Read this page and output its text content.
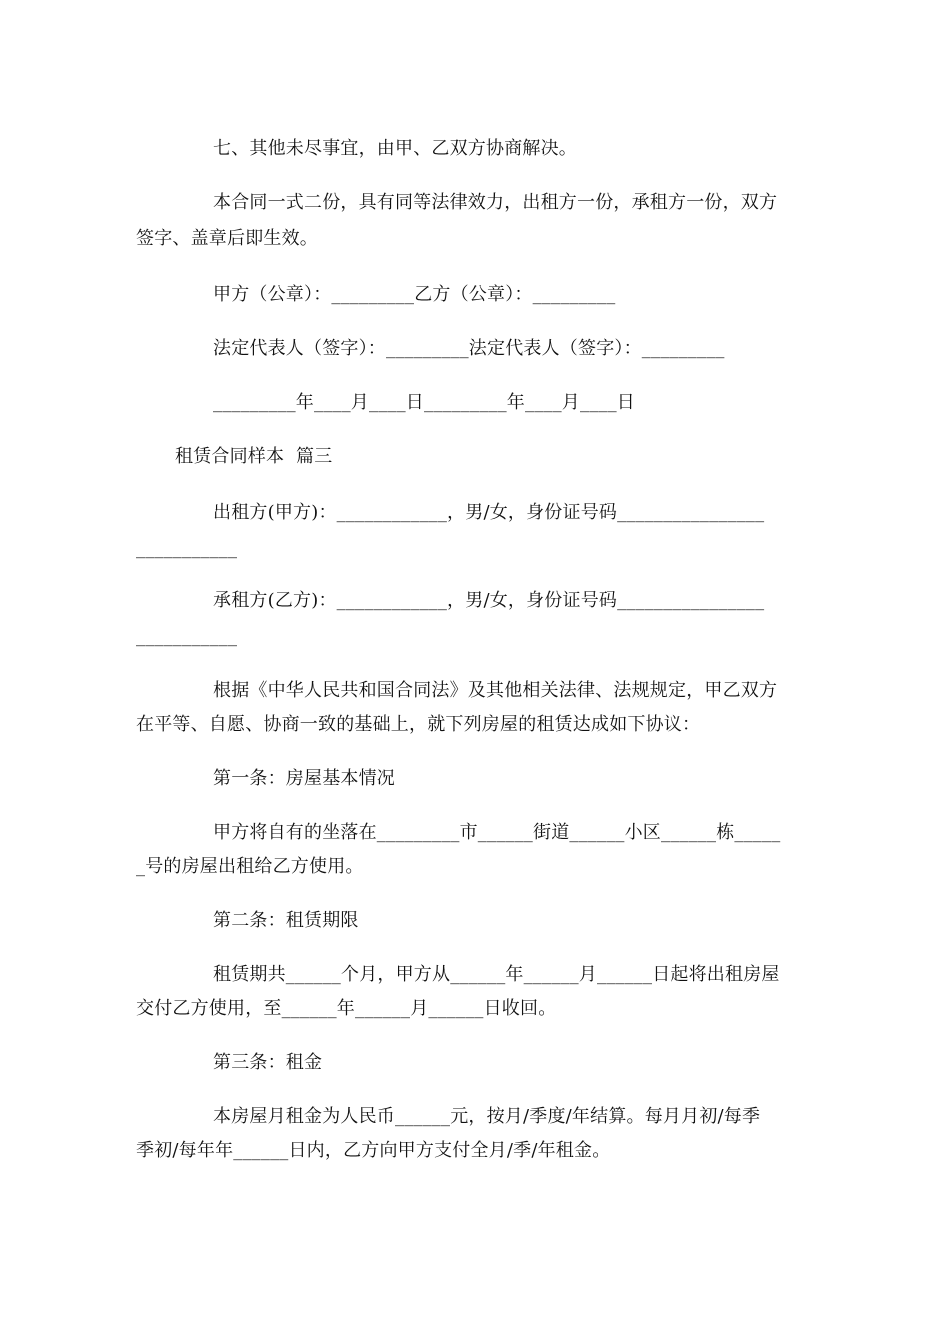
七、其他未尽事宜，由甲、乙双方协商解决。
本合同一式二份，具有同等法律效力，出租方一份，承租方一份，双方
签字、盖章后即生效。
甲方（公章）：_________乙方（公章）：_________
法定代表人（签字）：_________法定代表人（签字）：_________
_________年____月____日_________年____月____日
租赁合同样本  篇三
出租方(甲方)：____________，男/女，身份证号码________________
___________
承租方(乙方)：____________，男/女，身份证号码________________
___________
根据《中华人民共和国合同法》及其他相关法律、法规规定，甲乙双方
在平等、自愿、协商一致的基础上，就下列房屋的租赁达成如下协议：
第一条：房屋基本情况
甲方将自有的坐落在_________市______街道______小区______栋_____
_号的房屋出租给乙方使用。
第二条：租赁期限
租赁期共______个月，甲方从______年______月______日起将出租房屋
交付乙方使用，至______年______月______日收回。
第三条：租金
本房屋月租金为人民币______元，按月/季度/年结算。每月月初/每季
季初/每年年______日内，乙方向甲方支付全月/季/年租金。
